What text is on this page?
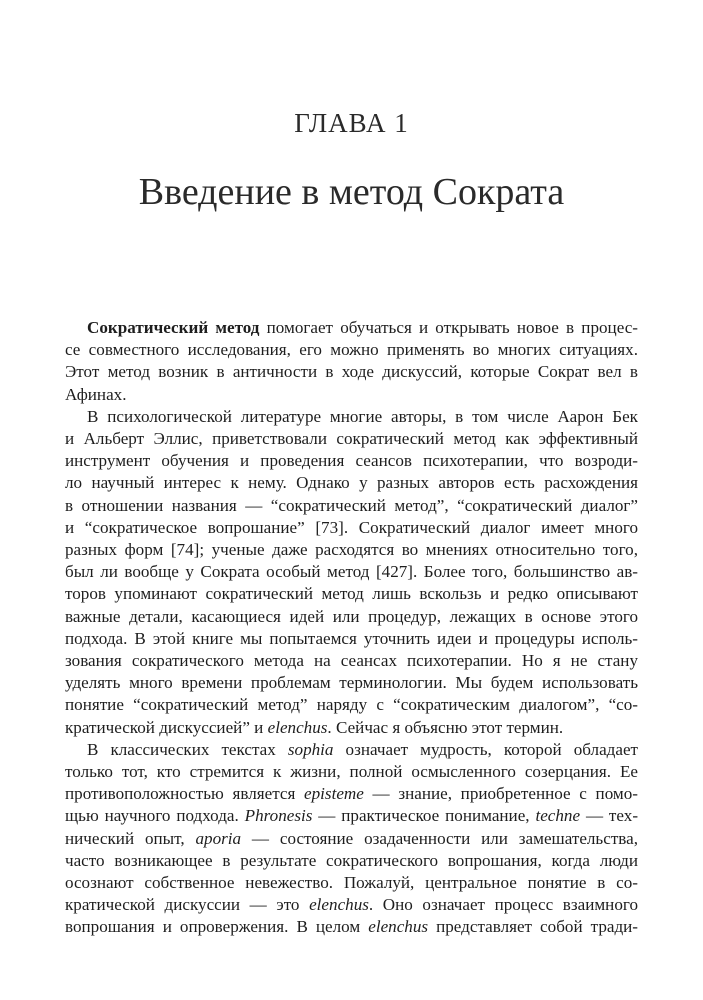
ГЛАВА 1
Введение в метод Сократа
Сократический метод помогает обучаться и открывать новое в процес-
се совместного исследования, его можно применять во многих ситуациях.
Этот метод возник в античности в ходе дискуссий, которые Сократ вел в
Афинах.
В психологической литературе многие авторы, в том числе Аарон Бек
и Альберт Эллис, приветствовали сократический метод как эффективный
инструмент обучения и проведения сеансов психотерапии, что возроди-
ло научный интерес к нему. Однако у разных авторов есть расхождения
в отношении названия — “сократический метод”, “сократический диалог”
и “сократическое вопрошание” [73]. Сократический диалог имеет много
разных форм [74]; ученые даже расходятся во мнениях относительно того,
был ли вообще у Сократа особый метод [427]. Более того, большинство ав-
торов упоминают сократический метод лишь вскользь и редко описывают
важные детали, касающиеся идей или процедур, лежащих в основе этого
подхода. В этой книге мы попытаемся уточнить идеи и процедуры исполь-
зования сократического метода на сеансах психотерапии. Но я не стану
уделять много времени проблемам терминологии. Мы будем использовать
понятие “сократический метод” наряду с “сократическим диалогом”, “со-
кратической дискуссией” и elenchus. Сейчас я объясню этот термин.
В классических текстах sophia означает мудрость, которой обладает
только тот, кто стремится к жизни, полной осмысленного созерцания. Ее
противоположностью является episteme — знание, приобретенное с помо-
щью научного подхода. Phronesis — практическое понимание, techne — тех-
нический опыт, aporia — состояние озадаченности или замешательства,
часто возникающее в результате сократического вопрошания, когда люди
осознают собственное невежество. Пожалуй, центральное понятие в со-
кратической дискуссии — это elenchus. Оно означает процесс взаимного
вопрошания и опровержения. В целом elenchus представляет собой тради-
